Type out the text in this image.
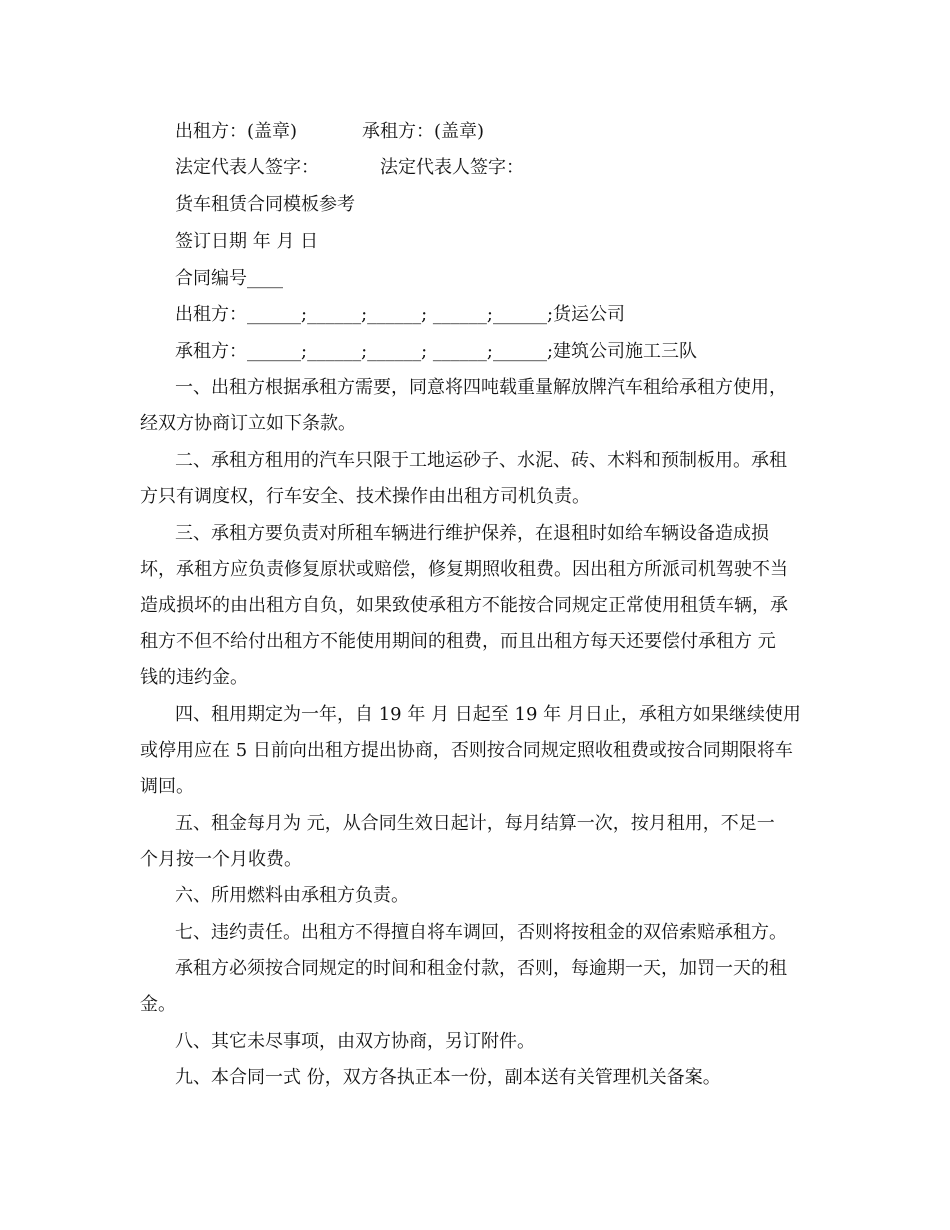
出租方：(盖章)	承租方：(盖章)
法定代表人签字：	法定代表人签字：
货车租赁合同模板参考
签订日期 年 月 日
合同编号____
出租方：______;______;______; ______;______;货运公司
承租方：______;______;______; ______;______;建筑公司施工三队
一、出租方根据承租方需要，同意将四吨载重量解放牌汽车租给承租方使用，
经双方协商订立如下条款。
二、承租方租用的汽车只限于工地运砂子、水泥、砖、木料和预制板用。承租
方只有调度权，行车安全、技术操作由出租方司机负责。
三、承租方要负责对所租车辆进行维护保养，在退租时如给车辆设备造成损
坏，承租方应负责修复原状或赔偿，修复期照收租费。因出租方所派司机驾驶不当
造成损坏的由出租方自负，如果致使承租方不能按合同规定正常使用租赁车辆，承
租方不但不给付出租方不能使用期间的租费，而且出租方每天还要偿付承租方 元
钱的违约金。
四、租用期定为一年，自 19 年 月 日起至 19 年 月日止，承租方如果继续使用
或停用应在 5 日前向出租方提出协商，否则按合同规定照收租费或按合同期限将车
调回。
五、租金每月为 元，从合同生效日起计，每月结算一次，按月租用，不足一
个月按一个月收费。
六、所用燃料由承租方负责。
七、违约责任。出租方不得擅自将车调回，否则将按租金的双倍索赔承租方。
承租方必须按合同规定的时间和租金付款，否则，每逾期一天，加罚一天的租
金。
八、其它未尽事项，由双方协商，另订附件。
九、本合同一式 份，双方各执正本一份，副本送有关管理机关备案。
